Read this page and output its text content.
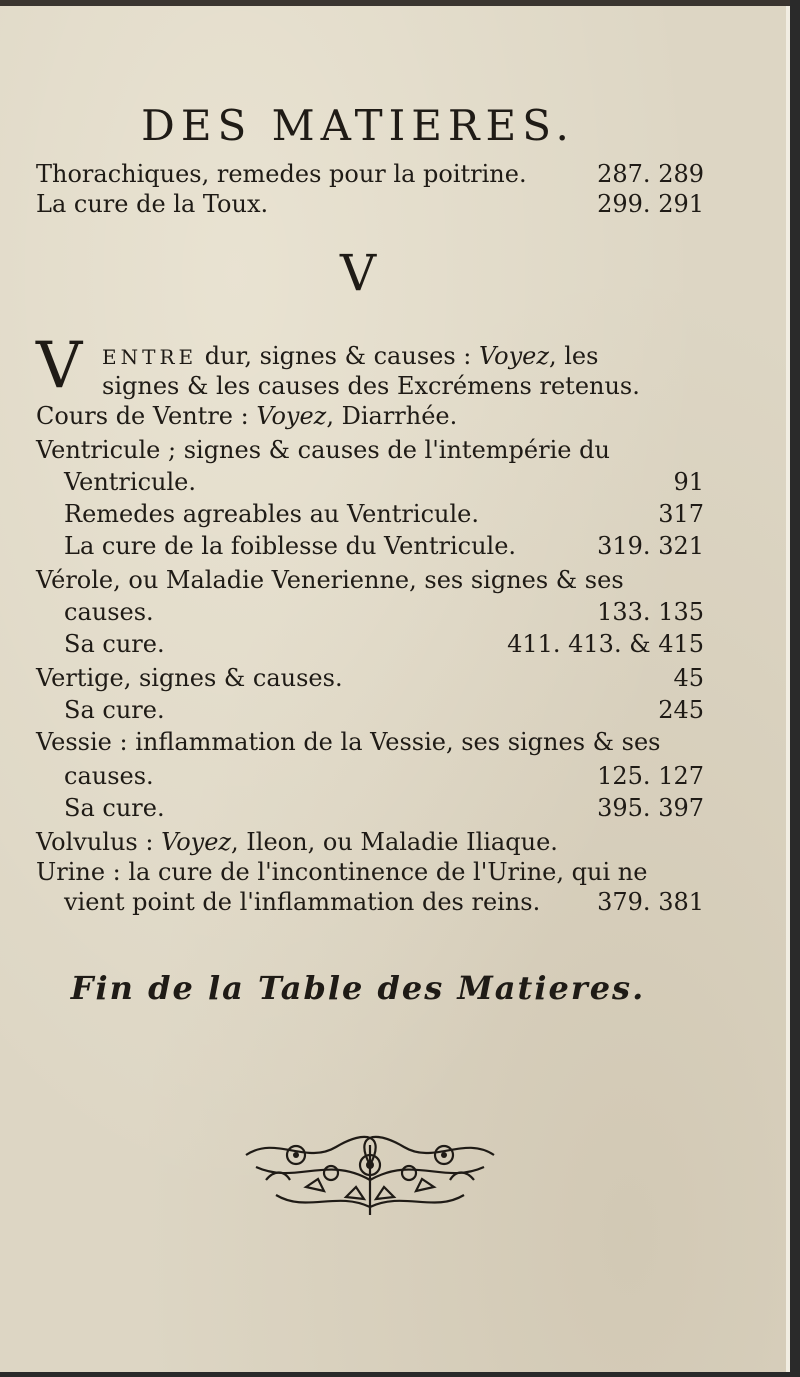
DES MATIERES.
Thorachiques, remedes pour la poitrine.	287. 289
La cure de la Toux.	299. 291
V
V ENTRE dur, signes & causes : Voyez, les
signes & les causes des Excrémens retenus.
Cours de Ventre : Voyez, Diarrhée.
Ventricule ; signes & causes de l'intempérie du
Ventricule.	91
Remedes agreables au Ventricule.	317
La cure de la foiblesse du Ventricule.	319. 321
Vérole, ou Maladie Venerienne, ses signes & ses
causes.	133. 135
Sa cure.	411. 413. & 415
Vertige, signes & causes.	45
Sa cure.	245
Vessie : inflammation de la Vessie, ses signes & ses
causes.	125. 127
Sa cure.	395. 397
Volvulus : Voyez, Ileon, ou Maladie Iliaque.
Urine : la cure de l'incontinence de l'Urine, qui ne
vient point de l'inflammation des reins. 379. 381
Fin de la Table des Matieres.
